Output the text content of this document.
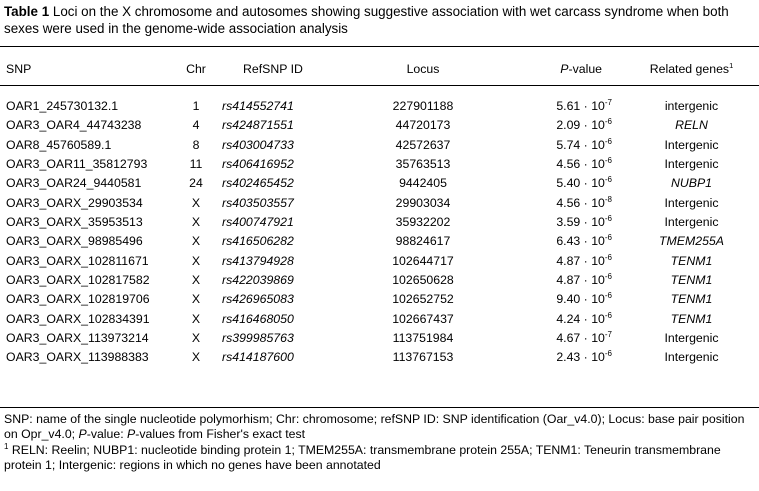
Table 1 Loci on the X chromosome and autosomes showing suggestive association with wet carcass syndrome when both sexes were used in the genome-wide association analysis
SNP	Chr	RefSNP ID	Locus	P-value	Related genes$^1$
OAR1_245730132.1	1	rs414552741	227901188	$5.61 \cdot 10^{-7}$	intergenic
OAR3_OAR4_44743238	4	rs424871551	44720173	$2.09 \cdot 10^{-6}$	RELN
OAR8_45760589.1	8	rs403004733	42572637	$5.74 \cdot 10^{-6}$	Intergenic
OAR3_OAR11_35812793	11	rs406416952	35763513	$4.56 \cdot 10^{-6}$	Intergenic
OAR3_OAR24_9440581	24	rs402465452	9442405	$5.40 \cdot 10^{-6}$	NUBP1
OAR3_OARX_29903534	X	rs403503557	29903034	$4.56 \cdot 10^{-8}$	Intergenic
OAR3_OARX_35953513	X	rs400747921	35932202	$3.59 \cdot 10^{-6}$	Intergenic
OAR3_OARX_98985496	X	rs416506282	98824617	$6.43 \cdot 10^{-6}$	TMEM255A
OAR3_OARX_102811671	X	rs413794928	102644717	$4.87 \cdot 10^{-6}$	TENM1
OAR3_OARX_102817582	X	rs422039869	102650628	$4.87 \cdot 10^{-6}$	TENM1
OAR3_OARX_102819706	X	rs426965083	102652752	$9.40 \cdot 10^{-6}$	TENM1
OAR3_OARX_102834391	X	rs416468050	102667437	$4.24 \cdot 10^{-6}$	TENM1
OAR3_OARX_113973214	X	rs399985763	113751984	$4.67 \cdot 10^{-7}$	Intergenic
OAR3_OARX_113988383	X	rs414187600	113767153	$2.43 \cdot 10^{-6}$	Intergenic

SNP: name of the single nucleotide polymorhism; Chr: chromosome; refSNP ID: SNP identification (Oar_v4.0); Locus: base pair position on Opr_v4.0; P-value: P-values from Fisher's exact test

$^1$ RELN: Reelin; NUBP1: nucleotide binding protein 1; TMEM255A: transmembrane protein 255A; TENM1: Teneurin transmembrane protein 1; Intergenic: regions in which no genes have been annotated
